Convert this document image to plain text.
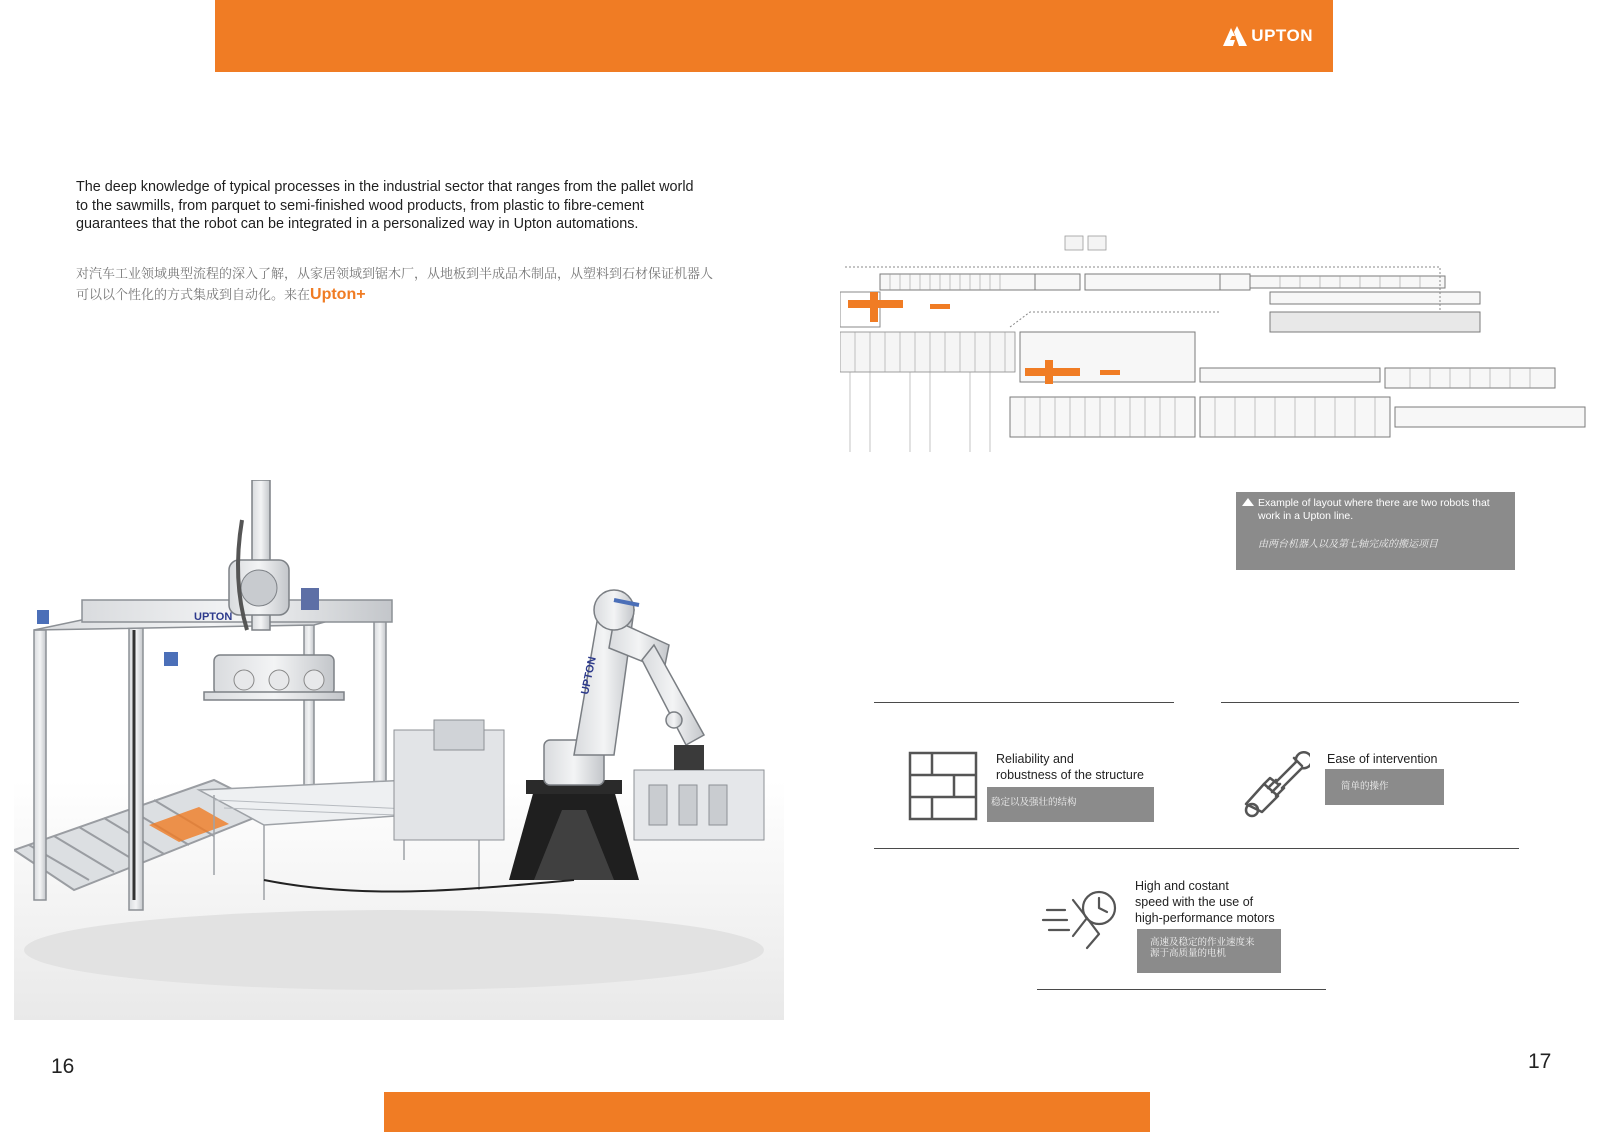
UPTON
The deep knowledge of typical processes in the industrial sector that ranges from the pallet world to the sawmills, from parquet to semi-finished wood products, from plastic to fibre-cement guarantees that the robot can be integrated in a personalized way in Upton automations.
对汽车工业领域典型流程的深入了解，从家居领域到锯木厂，从地板到半成品木制品，从塑料到石材保证机器人可以以个性化的方式集成到自动化。来在Upton+
UPTON
UPTON
Example of layout where there are two robots that work in a Upton line.
由两台机器人以及第七轴完成的搬运项目
Reliability and
robustness of the structure
稳定以及强壮的结构
Ease of intervention
简单的操作
High and costant
speed with the use of
high-performance motors
高速及稳定的作业速度来
源于高质量的电机
16	17
